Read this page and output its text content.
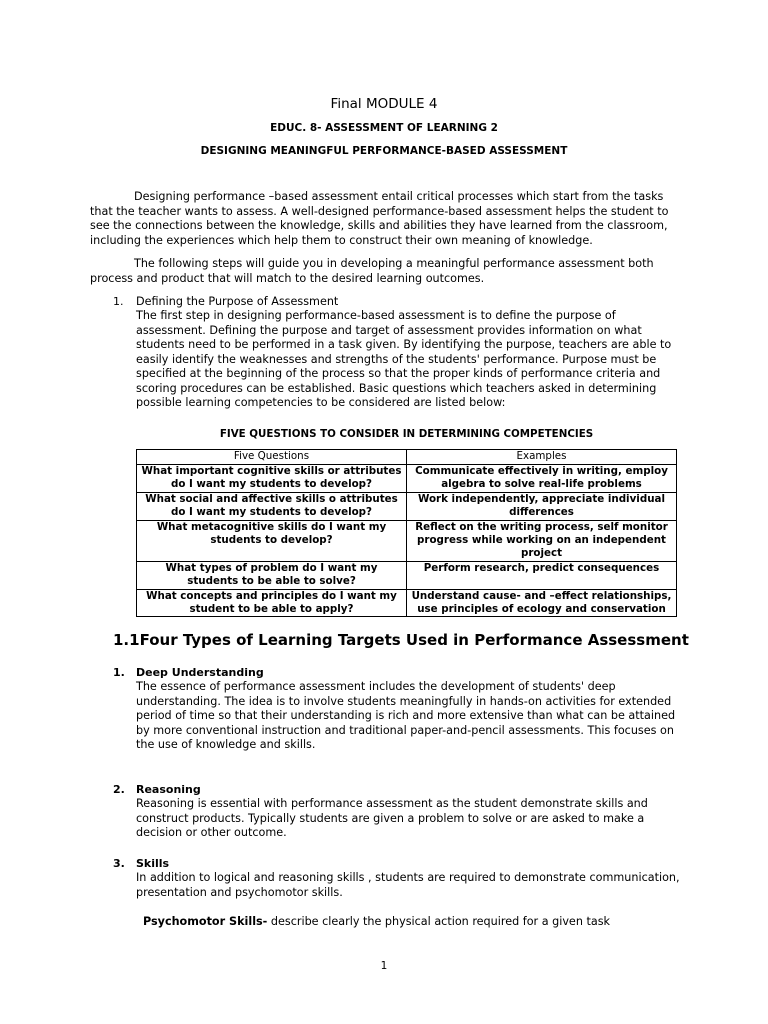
Final MODULE 4
EDUC. 8- ASSESSMENT OF LEARNING 2
DESIGNING MEANINGFUL PERFORMANCE-BASED ASSESSMENT
Designing performance –based assessment entail critical processes which start from the tasks that the teacher wants to assess. A well-designed performance-based assessment helps the student to see the connections between the knowledge, skills and abilities they have learned from the classroom, including the experiences which help them to construct their own meaning of knowledge.
The following steps will guide you in developing a meaningful performance assessment both process and product that will match to the desired learning outcomes.
1. Defining the Purpose of Assessment
The first step in designing performance-based assessment is to define the purpose of assessment. Defining the purpose and target of assessment provides information on what students need to be performed in a task given. By identifying the purpose, teachers are able to easily identify the weaknesses and strengths of the students' performance. Purpose must be specified at the beginning of the process so that the proper kinds of performance criteria and scoring procedures can be established. Basic questions which teachers asked in determining possible learning competencies to be considered are listed below:
FIVE QUESTIONS TO CONSIDER IN DETERMINING COMPETENCIES
Five Questions	Examples
What important cognitive skills or attributes do I want my students to develop?	Communicate effectively in writing, employ algebra to solve real-life problems
What social and affective skills o attributes do I want my students to develop?	Work independently, appreciate individual differences
What metacognitive skills do I want my students to develop?	Reflect on the writing process, self monitor progress while working on an independent project
What types of problem do I want my students to be able to solve?	Perform research, predict consequences
What concepts and principles do I want my student to be able to apply?	Understand cause- and –effect relationships, use principles of ecology and conservation
1.1Four Types of Learning Targets Used in Performance Assessment
1. Deep Understanding
The essence of performance assessment includes the development of students' deep understanding. The idea is to involve students meaningfully in hands-on activities for extended period of time so that their understanding is rich and more extensive than what can be attained by more conventional instruction and traditional paper-and-pencil assessments. This focuses on the use of knowledge and skills.
2. Reasoning
Reasoning is essential with performance assessment as the student demonstrate skills and construct products. Typically students are given a problem to solve or are asked to make a decision or other outcome.
3. Skills
In addition to logical and reasoning skills , students are required to demonstrate communication, presentation and psychomotor skills.
Psychomotor Skills- describe clearly the physical action required for a given task
1
